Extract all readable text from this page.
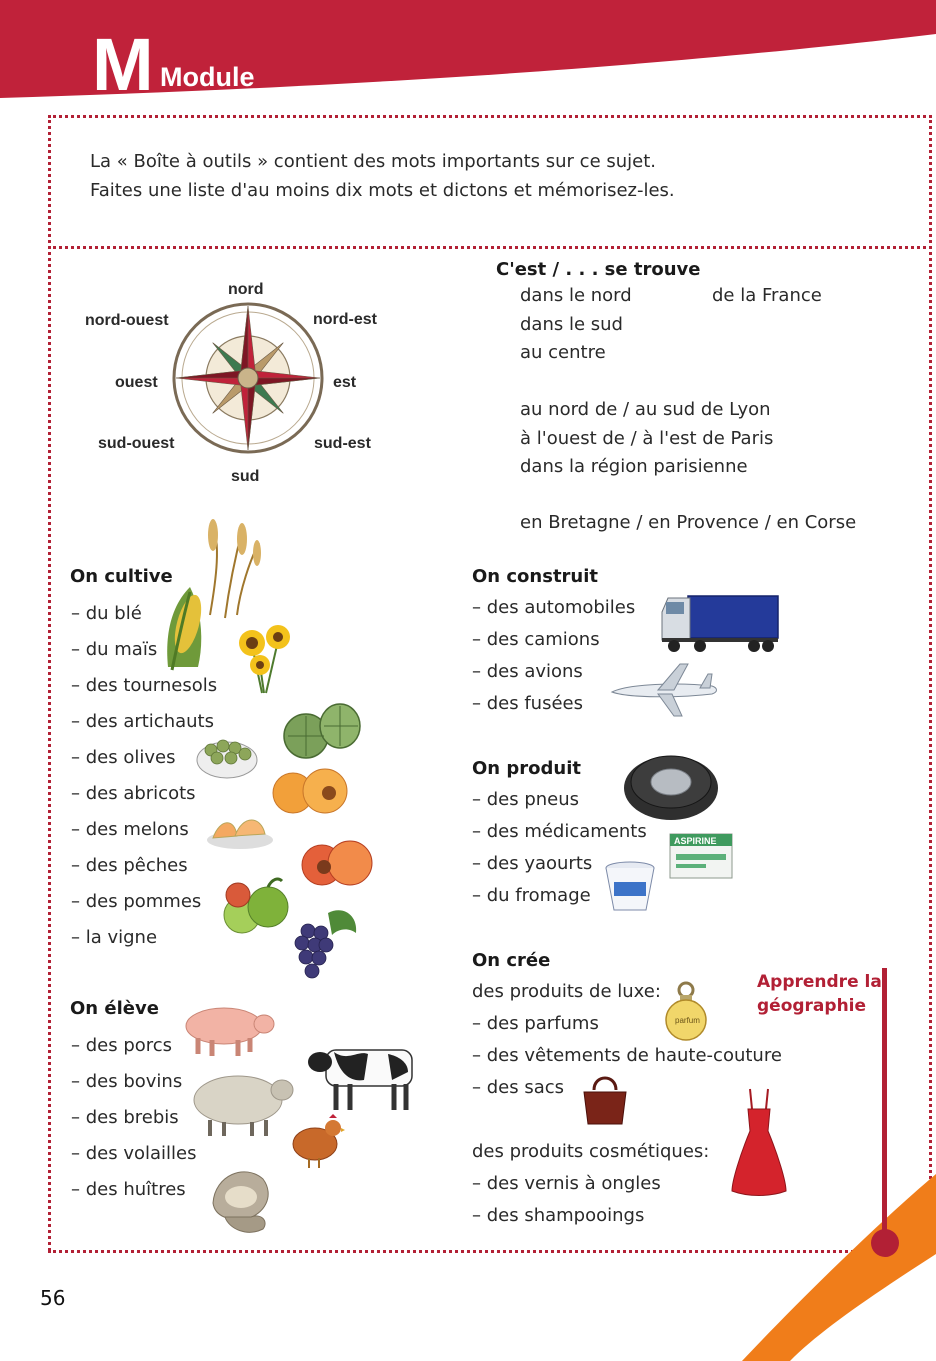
M Module
La « Boîte à outils » contient des mots importants sur ce sujet.
Faites une liste d'au moins dix mots et dictons et mémorisez-les.
nord
nord-ouest	nord-est
ouest	est
sud-ouest	sud-est
sud
C'est / . . . se trouve
dans le nord
dans le sud
au centre
de la France
au nord de / au sud de Lyon
à l'ouest de / à l'est de Paris
dans la région parisienne
en Bretagne / en Provence / en Corse
On cultive
– du blé
– du maïs
– des tournesols
– des artichauts
– des olives
– des abricots
– des melons
– des pêches
– des pommes
– la vigne
On élève
– des porcs
– des bovins
– des brebis
– des volailles
– des huîtres
On construit
– des automobiles
– des camions
– des avions
– des fusées
On produit
– des pneus
– des médicaments
– des yaourts
– du fromage
ASPIRINE
On crée
des produits de luxe:
– des parfums
– des vêtements de haute-couture
– des sacs
des produits cosmétiques:
– des vernis à ongles
– des shampooings
parfum
Apprendre la
géographie
56
